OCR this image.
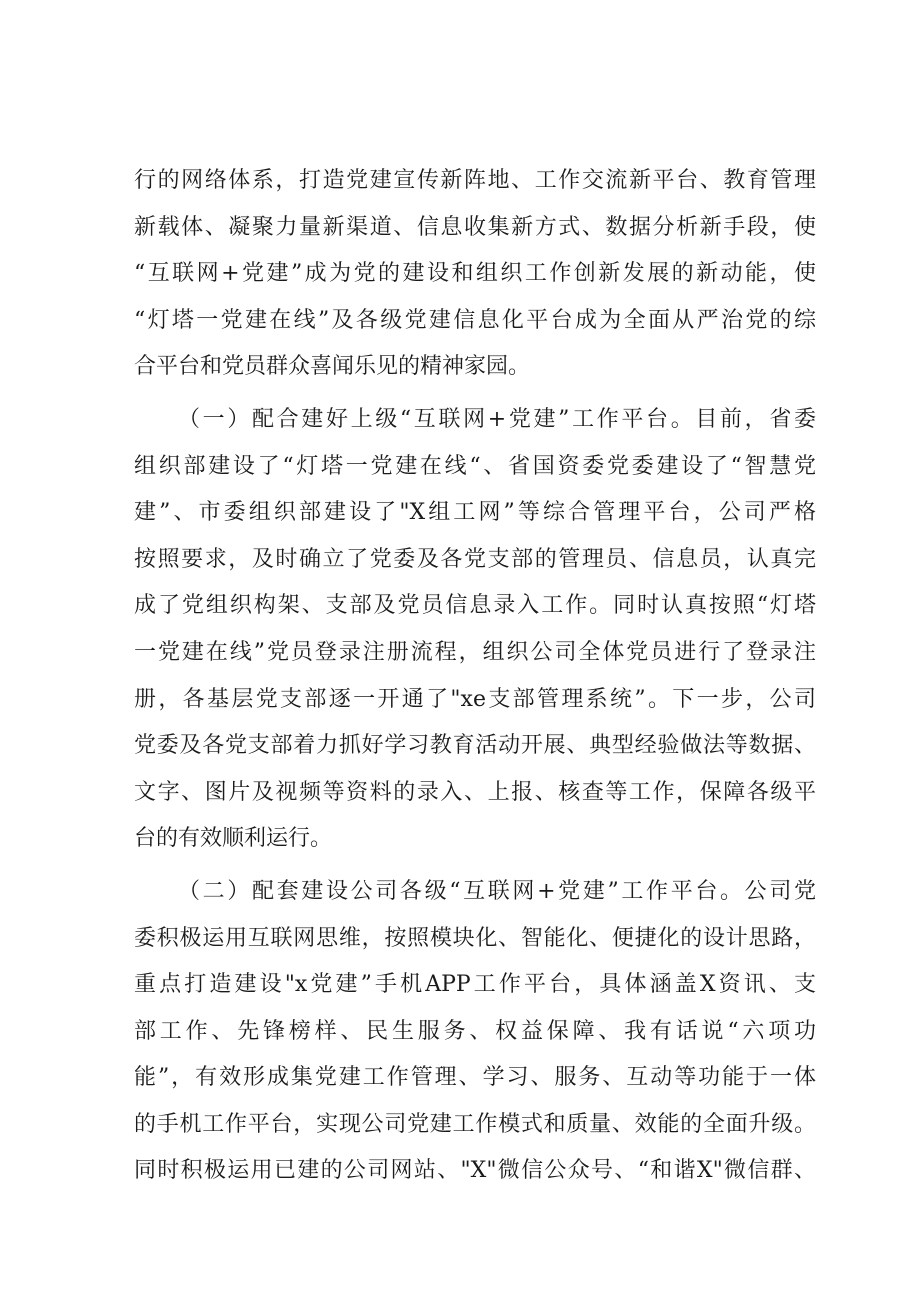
行的网络体系，打造党建宣传新阵地、工作交流新平台、教育管理
新载体、凝聚力量新渠道、信息收集新方式、数据分析新手段，使
“互联网+党建”成为党的建设和组织工作创新发展的新动能，使
“灯塔一党建在线”及各级党建信息化平台成为全面从严治党的综
合平台和党员群众喜闻乐见的精神家园。
（一）配合建好上级“互联网+党建”工作平台。目前，省委
组织部建设了“灯塔一党建在线“、省国资委党委建设了“智慧党
建”、市委组织部建设了"X组工网”等综合管理平台，公司严格
按照要求，及时确立了党委及各党支部的管理员、信息员，认真完
成了党组织构架、支部及党员信息录入工作。同时认真按照“灯塔
一党建在线”党员登录注册流程，组织公司全体党员进行了登录注
册，各基层党支部逐一开通了"xe支部管理系统”。下一步，公司
党委及各党支部着力抓好学习教育活动开展、典型经验做法等数据、
文字、图片及视频等资料的录入、上报、核查等工作，保障各级平
台的有效顺利运行。
（二）配套建设公司各级“互联网+党建”工作平台。公司党
委积极运用互联网思维，按照模块化、智能化、便捷化的设计思路，
重点打造建设"x党建”手机APP工作平台，具体涵盖X资讯、支
部工作、先锋榜样、民生服务、权益保障、我有话说“六项功
能”，有效形成集党建工作管理、学习、服务、互动等功能于一体
的手机工作平台，实现公司党建工作模式和质量、效能的全面升级。
同时积极运用已建的公司网站、"X"微信公众号、“和谐X"微信群、
